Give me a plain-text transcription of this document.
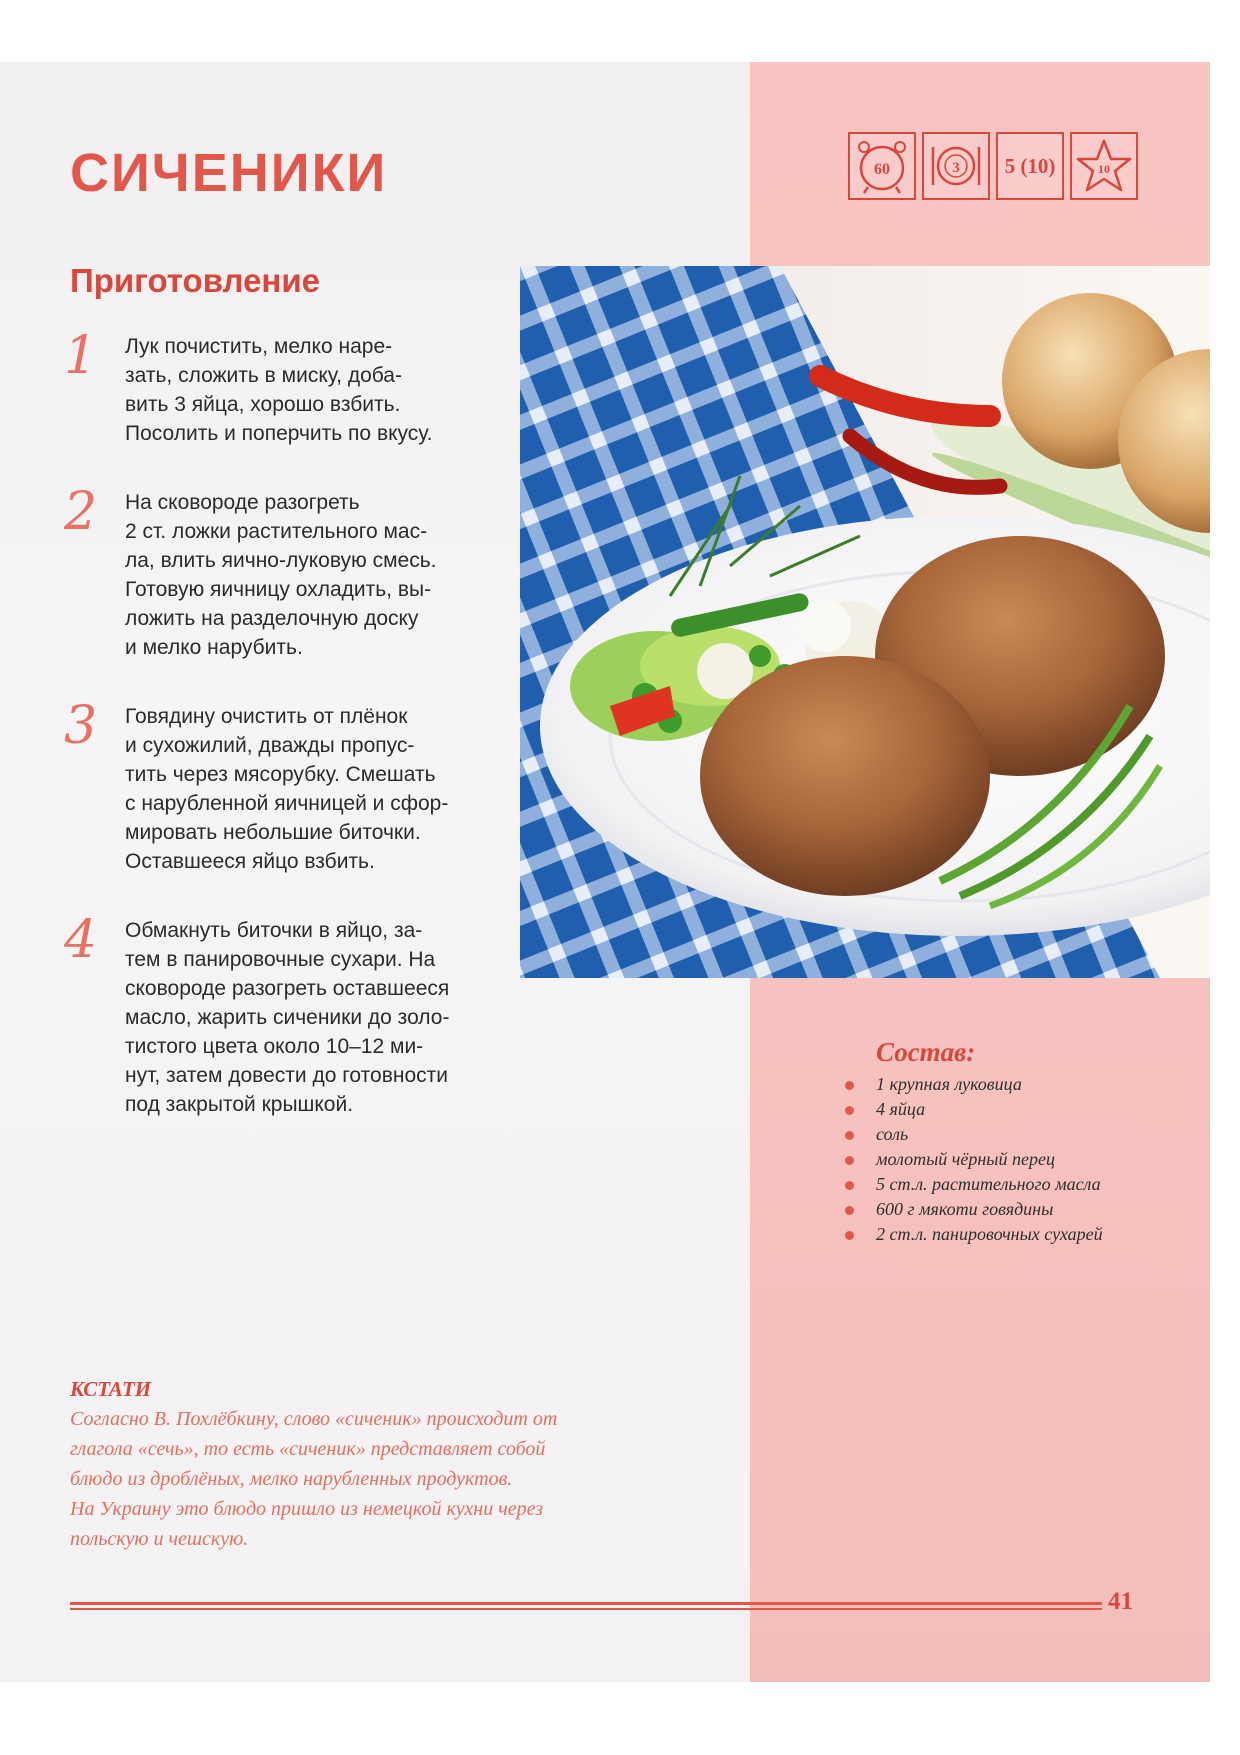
СИЧЕНИКИ	60	3 5 (10)	10
Приготовление
1 Лук почистить, мелко наре-
зать, сложить в миску, доба-
вить 3 яйца, хорошо взбить.
Посолить и поперчить по вкусу.
2 На сковороде разогреть
2 ст. ложки растительного мас-
ла, влить яично-луковую смесь.
Готовую яичницу охладить, вы-
ложить на разделочную доску
и мелко нарубить.
3 Говядину очистить от плёнок
и сухожилий, дважды пропус-
тить через мясорубку. Смешать
с нарубленной яичницей и сфор-
мировать небольшие биточки.
Оставшееся яйцо взбить.
4 Обмакнуть биточки в яйцо, за-
тем в панировочные сухари. На
сковороде разогреть оставшееся
масло, жарить сиченики до золо-
тистого цвета около 10–12 ми-
нут, затем довести до готовности
под закрытой крышкой.
Состав:
1 крупная луковица
4 яйца
соль
молотый чёрный перец
5 ст.л. растительного масла
600 г мякоти говядины
2 ст.л. панировочных сухарей
КСТАТИ
Согласно В. Похлёбкину, слово «сиченик» происходит от
глагола «сечь», то есть «сиченик» представляет собой
блюдо из дроблёных, мелко нарубленных продуктов.
На Украину это блюдо пришло из немецкой кухни через
польскую и чешскую.
41
